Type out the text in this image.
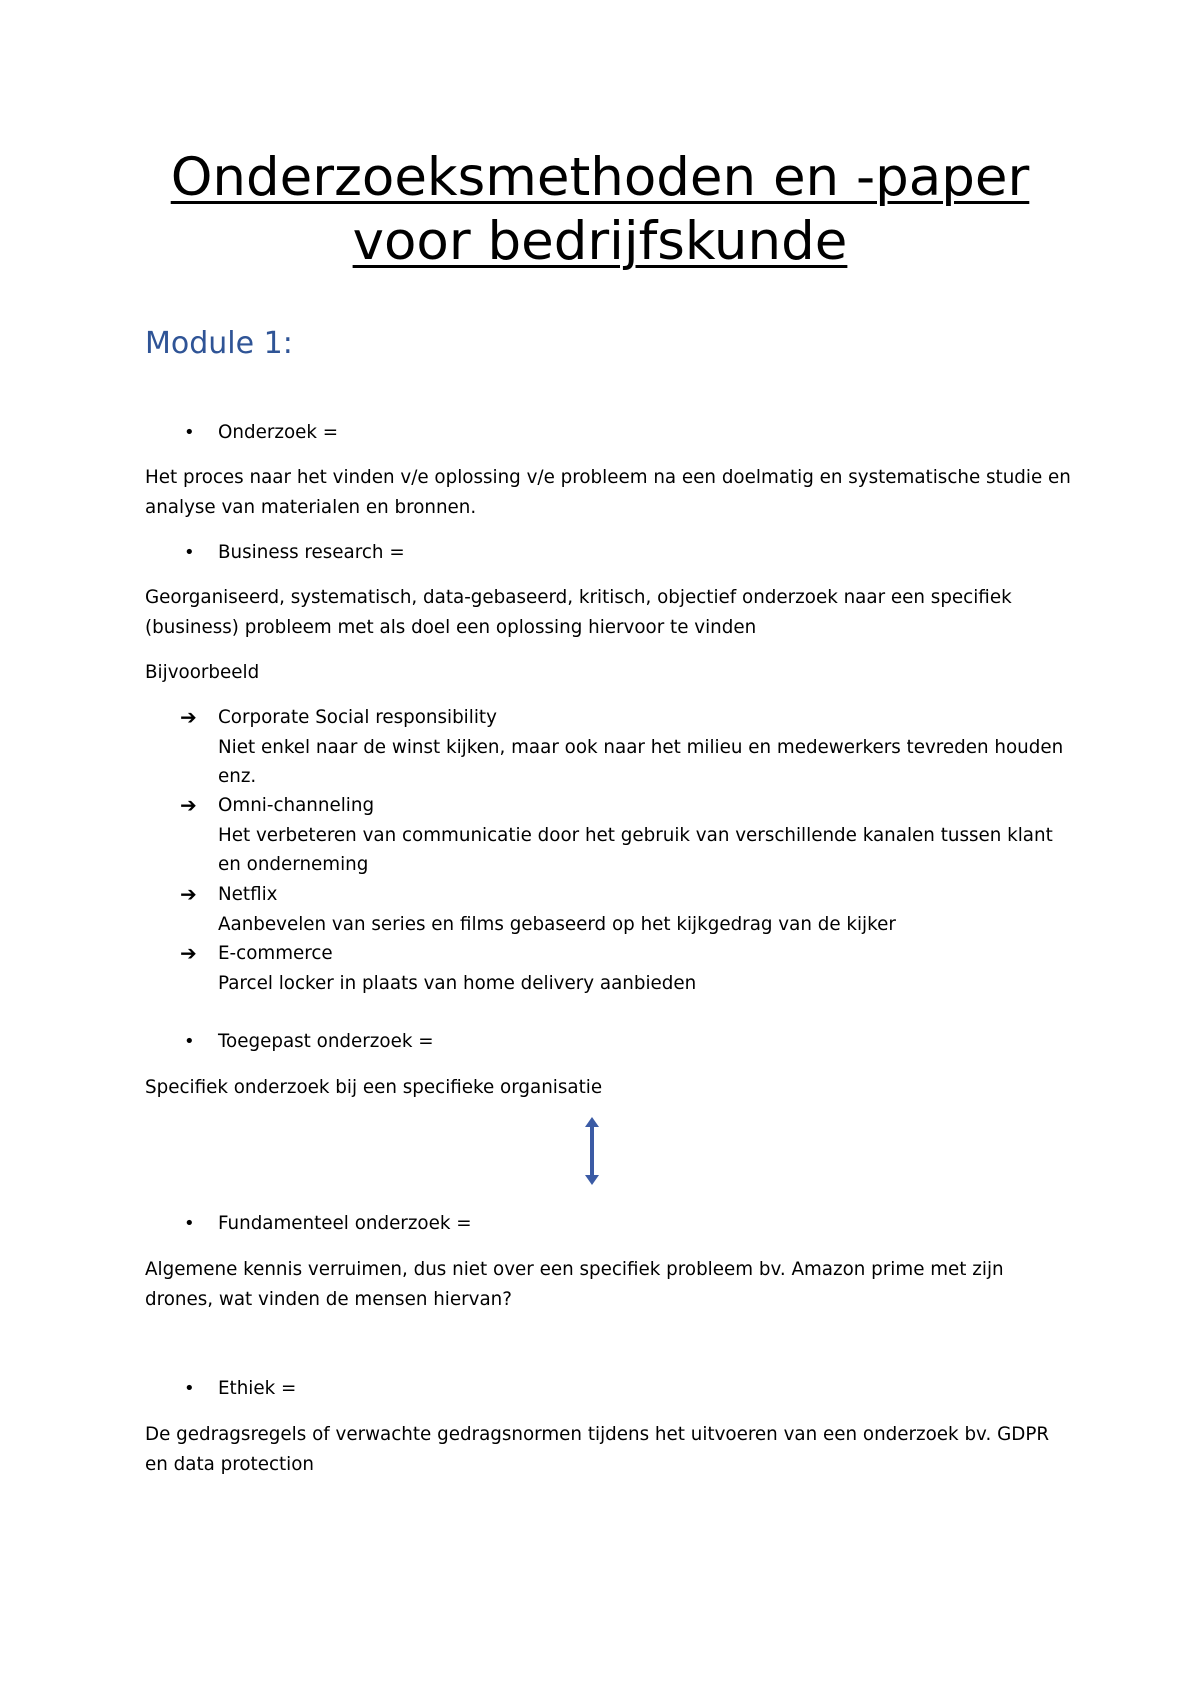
Onderzoeksmethoden en -paper
voor bedrijfskunde
Module 1:
• Onderzoek =

Het proces naar het vinden v/e oplossing v/e probleem na een doelmatig en systematische studie en analyse van materialen en bronnen.

• Business research =

Georganiseerd, systematisch, data-gebaseerd, kritisch, objectief onderzoek naar een specifiek (business) probleem met als doel een oplossing hiervoor te vinden

Bijvoorbeeld

➔ Corporate Social responsibility
Niet enkel naar de winst kijken, maar ook naar het milieu en medewerkers tevreden houden enz.
➔ Omni-channeling
Het verbeteren van communicatie door het gebruik van verschillende kanalen tussen klant en onderneming
➔ Netflix
Aanbevelen van series en films gebaseerd op het kijkgedrag van de kijker
➔ E-commerce
Parcel locker in plaats van home delivery aanbieden
• Toegepast onderzoek =

Specifiek onderzoek bij een specifieke organisatie

• Fundamenteel onderzoek =

Algemene kennis verruimen, dus niet over een specifiek probleem bv. Amazon prime met zijn drones, wat vinden de mensen hiervan?

• Ethiek =

De gedragsregels of verwachte gedragsnormen tijdens het uitvoeren van een onderzoek bv. GDPR en data protection
